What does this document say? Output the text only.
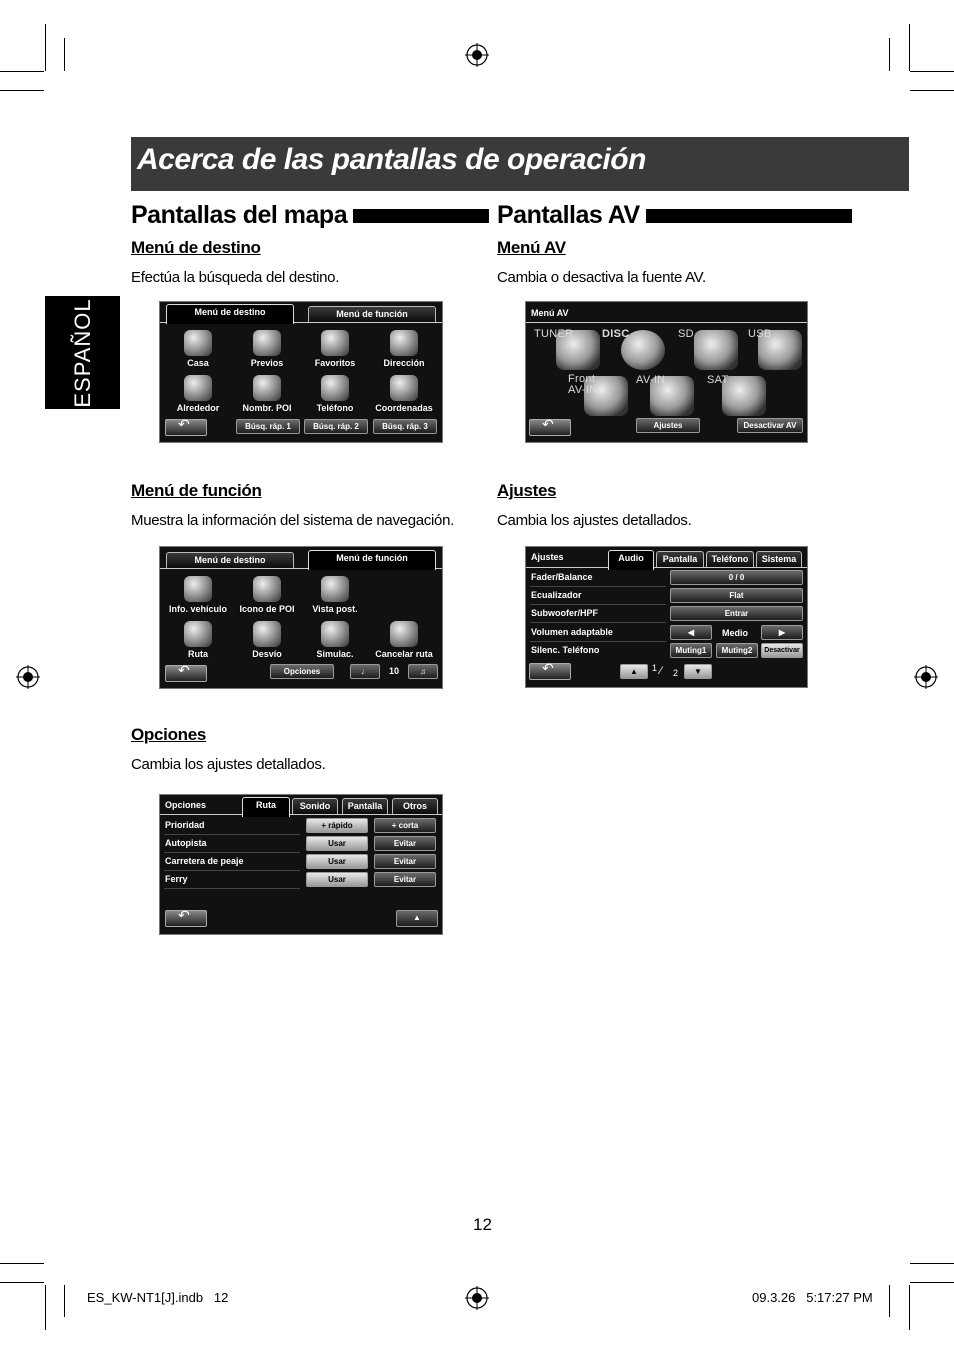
Acerca de las pantallas de operación
ESPAÑOL
Pantallas del mapa
Menú de destino
Efectúa la búsqueda del destino.
Menú de destino	Menú de función
Casa	Previos	Favoritos	Dirección
Alrededor	Nombr. POI	Teléfono	Coordenadas
↶
Búsq. ráp. 1	Búsq. ráp. 2	Búsq. ráp. 3
Menú de función
Muestra la información del sistema de navegación.
Menú de destino	Menú de función
Info. vehículo	Icono de POI	Vista post.
Ruta	Desvío	Simulac.	Cancelar ruta
↶
Opciones	♩	10	♫
Opciones
Cambia los ajustes detallados.
Opciones	Ruta	Sonido	Pantalla	Otros
Prioridad	+ rápido	+ corta
Autopista	Usar	Evitar
Carretera de peaje	Usar	Evitar
Ferry	Usar	Evitar
↶
▲
Pantallas AV
Menú AV
Cambia o desactiva la fuente AV.
Menú AV
TUNER	DISC	SD	USB
Front AV-IN
AV-IN	SAT
↶
Ajustes	Desactivar AV
Ajustes
Cambia los ajustes detallados.
Ajustes	Audio	Pantalla	Teléfono	Sistema
Fader/Balance	0 / 0
Ecualizador	Flat
Subwoofer/HPF	Entrar
Volumen adaptable	◀	Medio	▶
Silenc. Teléfono	Muting1	Muting2	Desactivar
↶
▲	1 ∕ 2	▼
12
ES_KW-NT1[J].indb   12	09.3.26   5:17:27 PM
